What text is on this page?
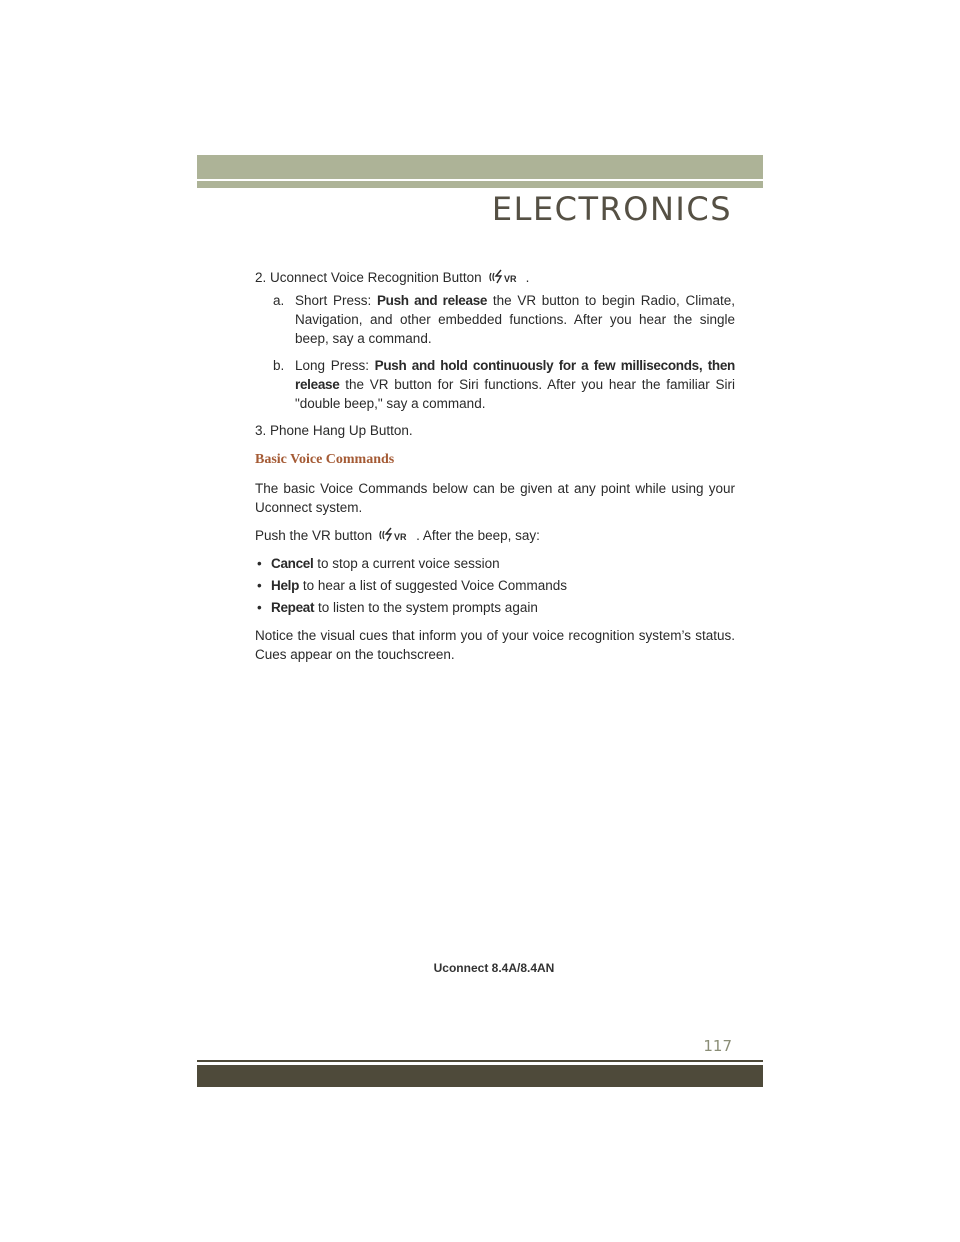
ELECTRONICS

2. Uconnect Voice Recognition Button VR .

a. Short Press: Push and release the VR button to begin Radio, Climate, Navigation, and other embedded functions. After you hear the single beep, say a command.

b. Long Press: Push and hold continuously for a few milliseconds, then release the VR button for Siri functions. After you hear the familiar Siri "double beep," say a command.

3. Phone Hang Up Button.

Basic Voice Commands

The basic Voice Commands below can be given at any point while using your Uconnect system.

Push the VR button VR . After the beep, say:

• Cancel to stop a current voice session

• Help to hear a list of suggested Voice Commands

• Repeat to listen to the system prompts again

Notice the visual cues that inform you of your voice recognition system’s status. Cues appear on the touchscreen.

Uconnect 8.4A/8.4AN
117
